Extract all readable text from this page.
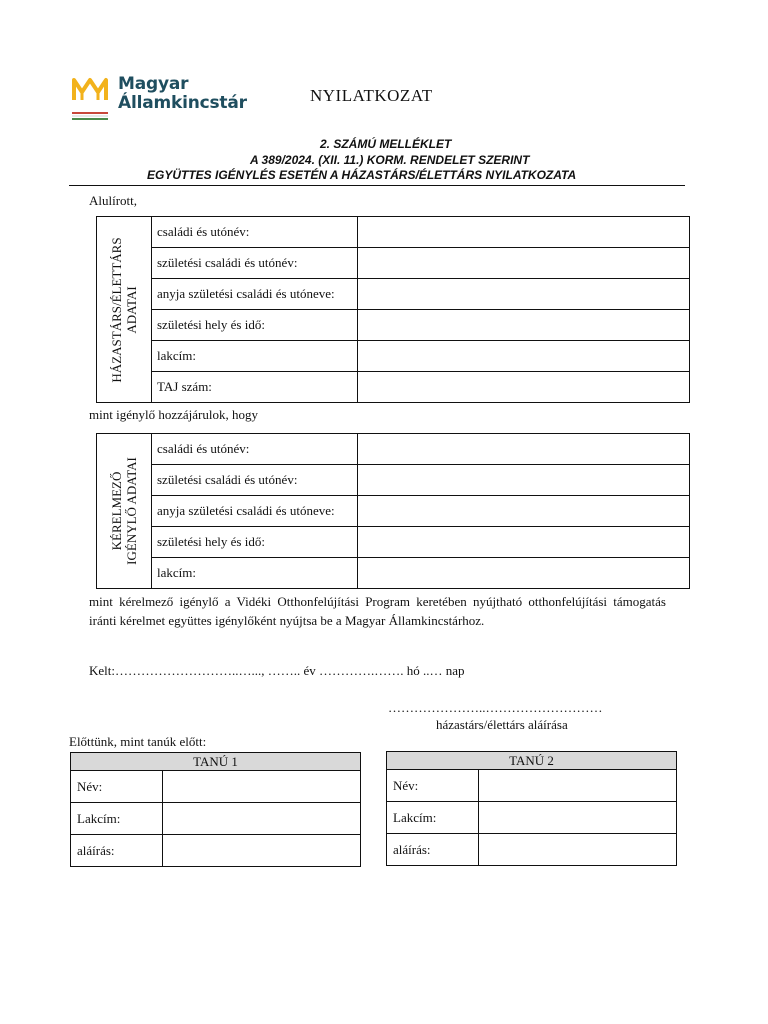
Magyar
Államkincstár	NYILATKOZAT
2. SZÁMÚ MELLÉKLET
A 389/2024. (XII. 11.) KORM. RENDELET SZERINT
EGYÜTTES IGÉNYLÉS ESETÉN A HÁZASTÁRS/ÉLETTÁRS NYILATKOZATA
Alulírott,
HÁZASTÁRS/ÉLETTÁRS ADATAI	családi és utónév:	
	születési családi és utónév:	
	anyja születési családi és utóneve:	
	születési hely és idő:	
	lakcím:	
	TAJ szám:	
mint igénylő hozzájárulok, hogy
KÉRELMEZŐ IGÉNYLŐ ADATAI	családi és utónév:	
	születési családi és utónév:	
	anyja születési családi és utóneve:	
	születési hely és idő:	
	lakcím:	
mint kérelmező igénylő a Vidéki Otthonfelújítási Program keretében nyújtható otthonfelújítási támogatás iránti kérelmet együttes igénylőként nyújtsa be a Magyar Államkincstárhoz.
Kelt:………………………..…..., …….. év ………….……. hó ..… nap
…………………..………………………
házastárs/élettárs aláírása
Előttünk, mint tanúk előtt:
TANÚ 1	
Név:	
Lakcím:	
aláírás:	
TANÚ 2	
Név:	
Lakcím:	
aláírás:	
